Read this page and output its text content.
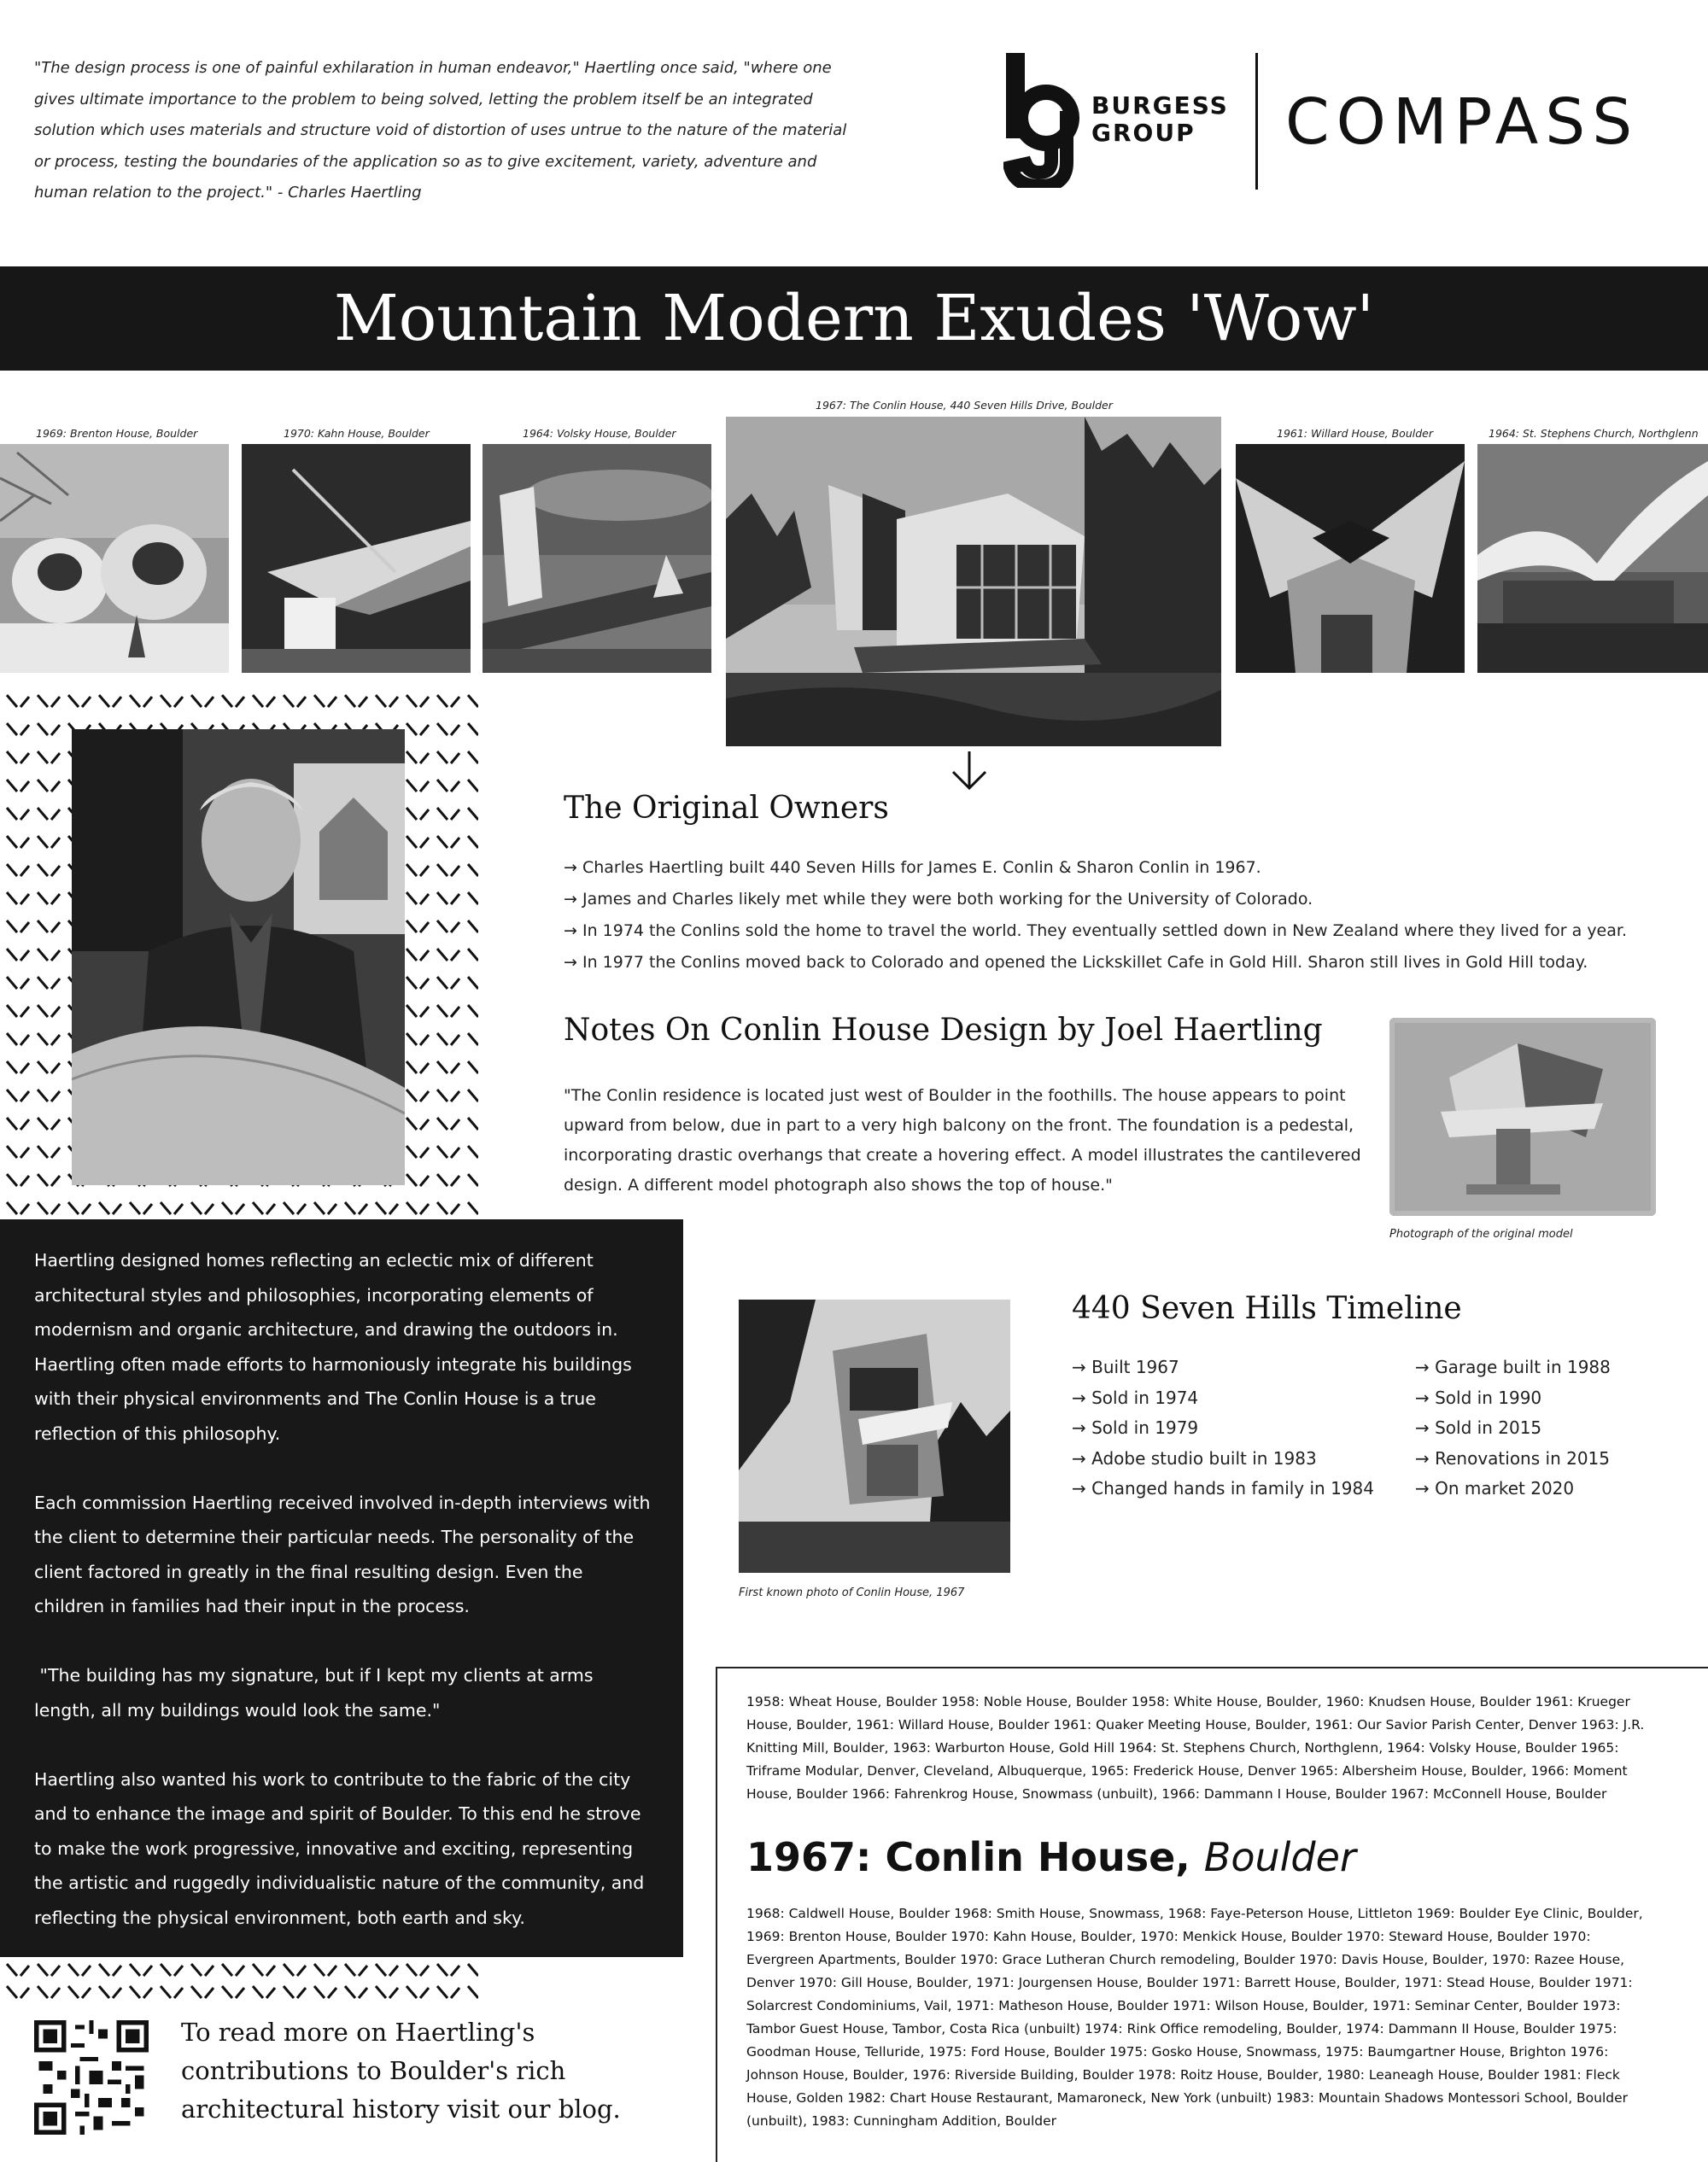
"The design process is one of painful exhilaration in human endeavor," Haertling once said, "where one gives ultimate importance to the problem to being solved, letting the problem itself be an integrated solution which uses materials and structure void of distortion of uses untrue to the nature of the material or process, testing the boundaries of the application so as to give excitement, variety, adventure and human relation to the project." - Charles Haertling
BURGESS
GROUP	COMPASS
Mountain Modern Exudes 'Wow'
1969: Brenton House, Boulder	1970: Kahn House, Boulder	1964: Volsky House, Boulder
1967: The Conlin House, 440 Seven Hills Drive, Boulder
1961: Willard House, Boulder	1964: St. Stephens Church, Northglenn
The Original Owners
→ Charles Haertling built 440 Seven Hills for James E. Conlin & Sharon Conlin in 1967.
→ James and Charles likely met while they were both working for the University of Colorado.
→ In 1974 the Conlins sold the home to travel the world. They eventually settled down in New Zealand where they lived for a year.
→ In 1977 the Conlins moved back to Colorado and opened the Lickskillet Cafe in Gold Hill. Sharon still lives in Gold Hill today.
Notes On Conlin House Design by Joel Haertling
"The Conlin residence is located just west of Boulder in the foothills. The house appears to point upward from below, due in part to a very high balcony on the front. The foundation is a pedestal, incorporating drastic overhangs that create a hovering effect. A model illustrates the cantilevered design. A different model photograph also shows the top of house."
Photograph of the original model

Haertling designed homes reflecting an eclectic mix of different architectural styles and philosophies, incorporating elements of modernism and organic architecture, and drawing the outdoors in. Haertling often made efforts to harmoniously integrate his buildings with their physical environments and The Conlin House is a true reflection of this philosophy.

Each commission Haertling received involved in-depth interviews with the client to determine their particular needs. The personality of the client factored in greatly in the final resulting design. Even the children in families had their input in the process.

"The building has my signature, but if I kept my clients at arms length, all my buildings would look the same."

Haertling also wanted his work to contribute to the fabric of the city and to enhance the image and spirit of Boulder. To this end he strove to make the work progressive, innovative and exciting, representing the artistic and ruggedly individualistic nature of the community, and reflecting the physical environment, both earth and sky.

First known photo of Conlin House, 1967
440 Seven Hills Timeline
→ Built 1967
→ Sold in 1974
→ Sold in 1979
→ Adobe studio built in 1983
→ Changed hands in family in 1984
→ Garage built in 1988
→ Sold in 1990
→ Sold in 2015
→ Renovations in 2015
→ On market 2020
1958: Wheat House, Boulder 1958: Noble House, Boulder 1958: White House, Boulder, 1960: Knudsen House, Boulder 1961: Krueger House, Boulder, 1961: Willard House, Boulder 1961: Quaker Meeting House, Boulder, 1961: Our Savior Parish Center, Denver 1963: J.R. Knitting Mill, Boulder, 1963: Warburton House, Gold Hill 1964: St. Stephens Church, Northglenn, 1964: Volsky House, Boulder 1965: Triframe Modular, Denver, Cleveland, Albuquerque, 1965: Frederick House, Denver 1965: Albersheim House, Boulder, 1966: Moment House, Boulder 1966: Fahrenkrog House, Snowmass (unbuilt), 1966: Dammann I House, Boulder 1967: McConnell House, Boulder
1967: Conlin House, Boulder
1968: Caldwell House, Boulder 1968: Smith House, Snowmass, 1968: Faye-Peterson House, Littleton 1969: Boulder Eye Clinic, Boulder, 1969: Brenton House, Boulder 1970: Kahn House, Boulder, 1970: Menkick House, Boulder 1970: Steward House, Boulder 1970: Evergreen Apartments, Boulder 1970: Grace Lutheran Church remodeling, Boulder 1970: Davis House, Boulder, 1970: Razee House, Denver 1970: Gill House, Boulder, 1971: Jourgensen House, Boulder 1971: Barrett House, Boulder, 1971: Stead House, Boulder 1971: Solarcrest Condominiums, Vail, 1971: Matheson House, Boulder 1971: Wilson House, Boulder, 1971: Seminar Center, Boulder 1973: Tambor Guest House, Tambor, Costa Rica (unbuilt) 1974: Rink Office remodeling, Boulder, 1974: Dammann II House, Boulder 1975: Goodman House, Telluride, 1975: Ford House, Boulder 1975: Gosko House, Snowmass, 1975: Baumgartner House, Brighton 1976: Johnson House, Boulder, 1976: Riverside Building, Boulder 1978: Roitz House, Boulder, 1980: Leaneagh House, Boulder 1981: Fleck House, Golden 1982: Chart House Restaurant, Mamaroneck, New York (unbuilt) 1983: Mountain Shadows Montessori School, Boulder (unbuilt), 1983: Cunningham Addition, Boulder
To read more on Haertling's contributions to Boulder's rich architectural history visit our blog.
